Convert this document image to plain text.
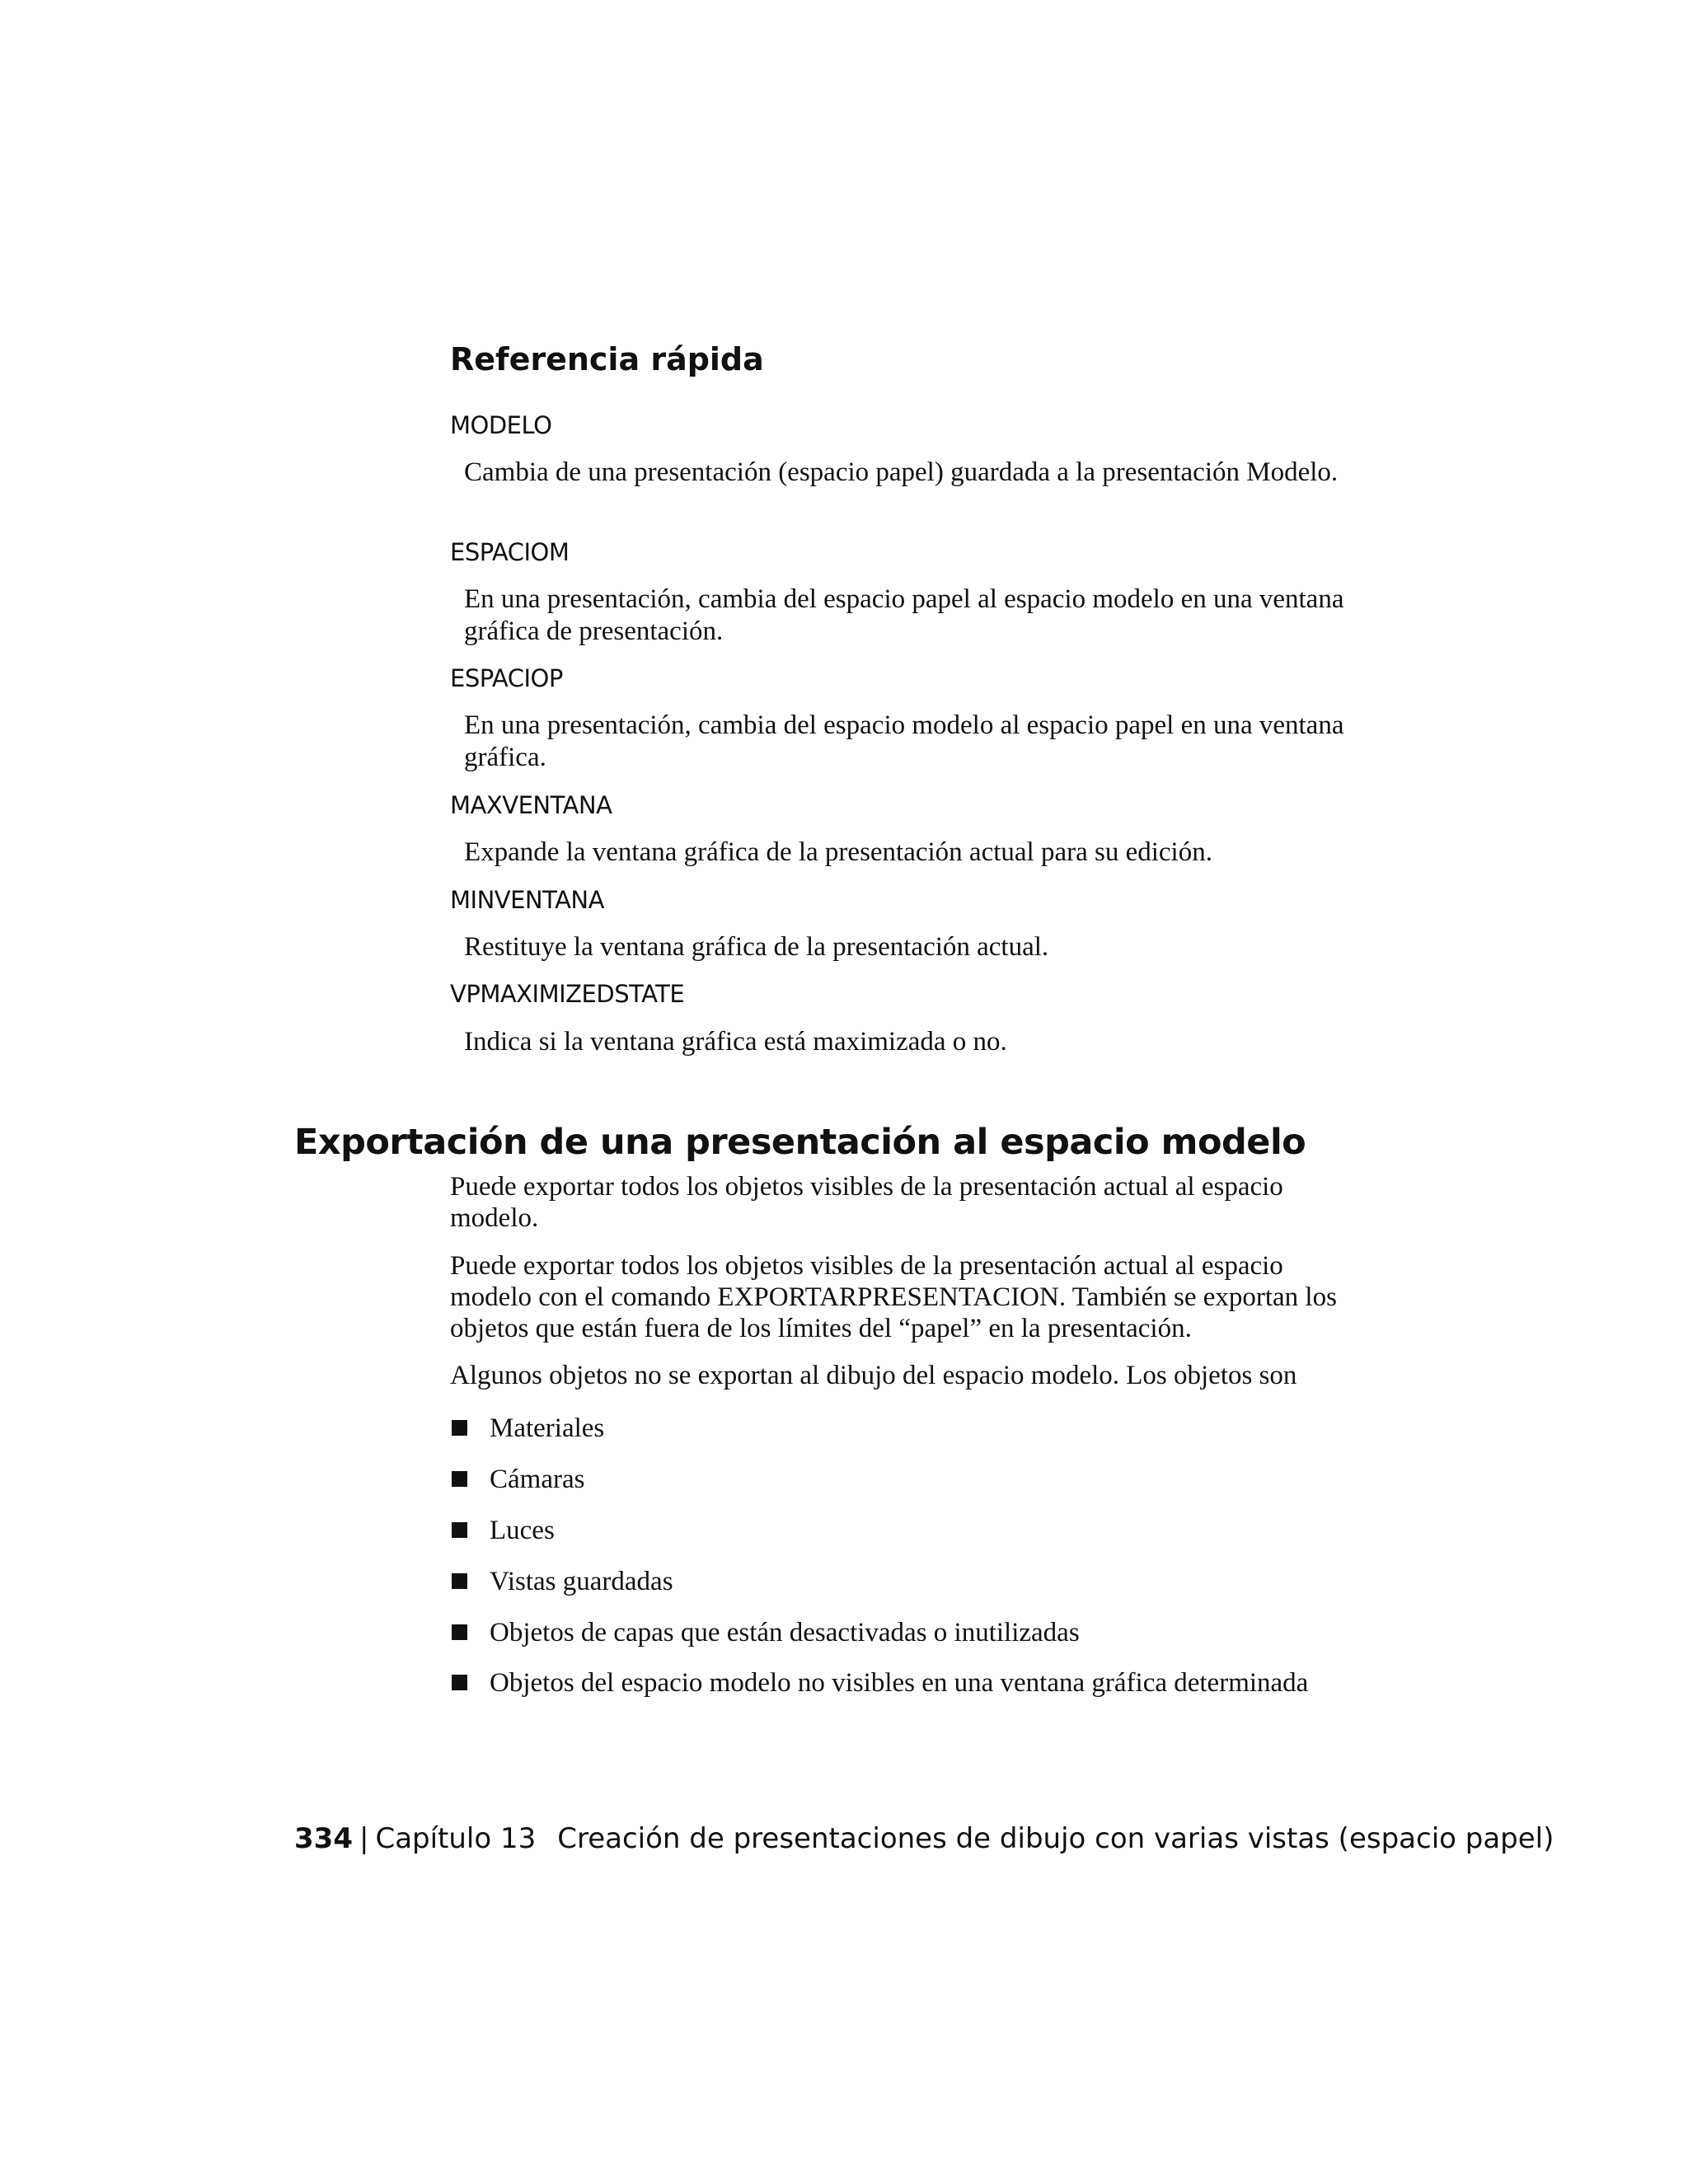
Referencia rápida
MODELO
Cambia de una presentación (espacio papel) guardada a la presentación Modelo.
ESPACIOM
En una presentación, cambia del espacio papel al espacio modelo en una ventana gráfica de presentación.
ESPACIOP
En una presentación, cambia del espacio modelo al espacio papel en una ventana gráfica.
MAXVENTANA
Expande la ventana gráfica de la presentación actual para su edición.
MINVENTANA
Restituye la ventana gráfica de la presentación actual.
VPMAXIMIZEDSTATE
Indica si la ventana gráfica está maximizada o no.
Exportación de una presentación al espacio modelo
Puede exportar todos los objetos visibles de la presentación actual al espacio modelo.
Puede exportar todos los objetos visibles de la presentación actual al espacio modelo con el comando EXPORTARPRESENTACION. También se exportan los objetos que están fuera de los límites del “papel” en la presentación.
Algunos objetos no se exportan al dibujo del espacio modelo. Los objetos son
Materiales
Cámaras
Luces
Vistas guardadas
Objetos de capas que están desactivadas o inutilizadas
Objetos del espacio modelo no visibles en una ventana gráfica determinada
334 | Capítulo 13 Creación de presentaciones de dibujo con varias vistas (espacio papel)
